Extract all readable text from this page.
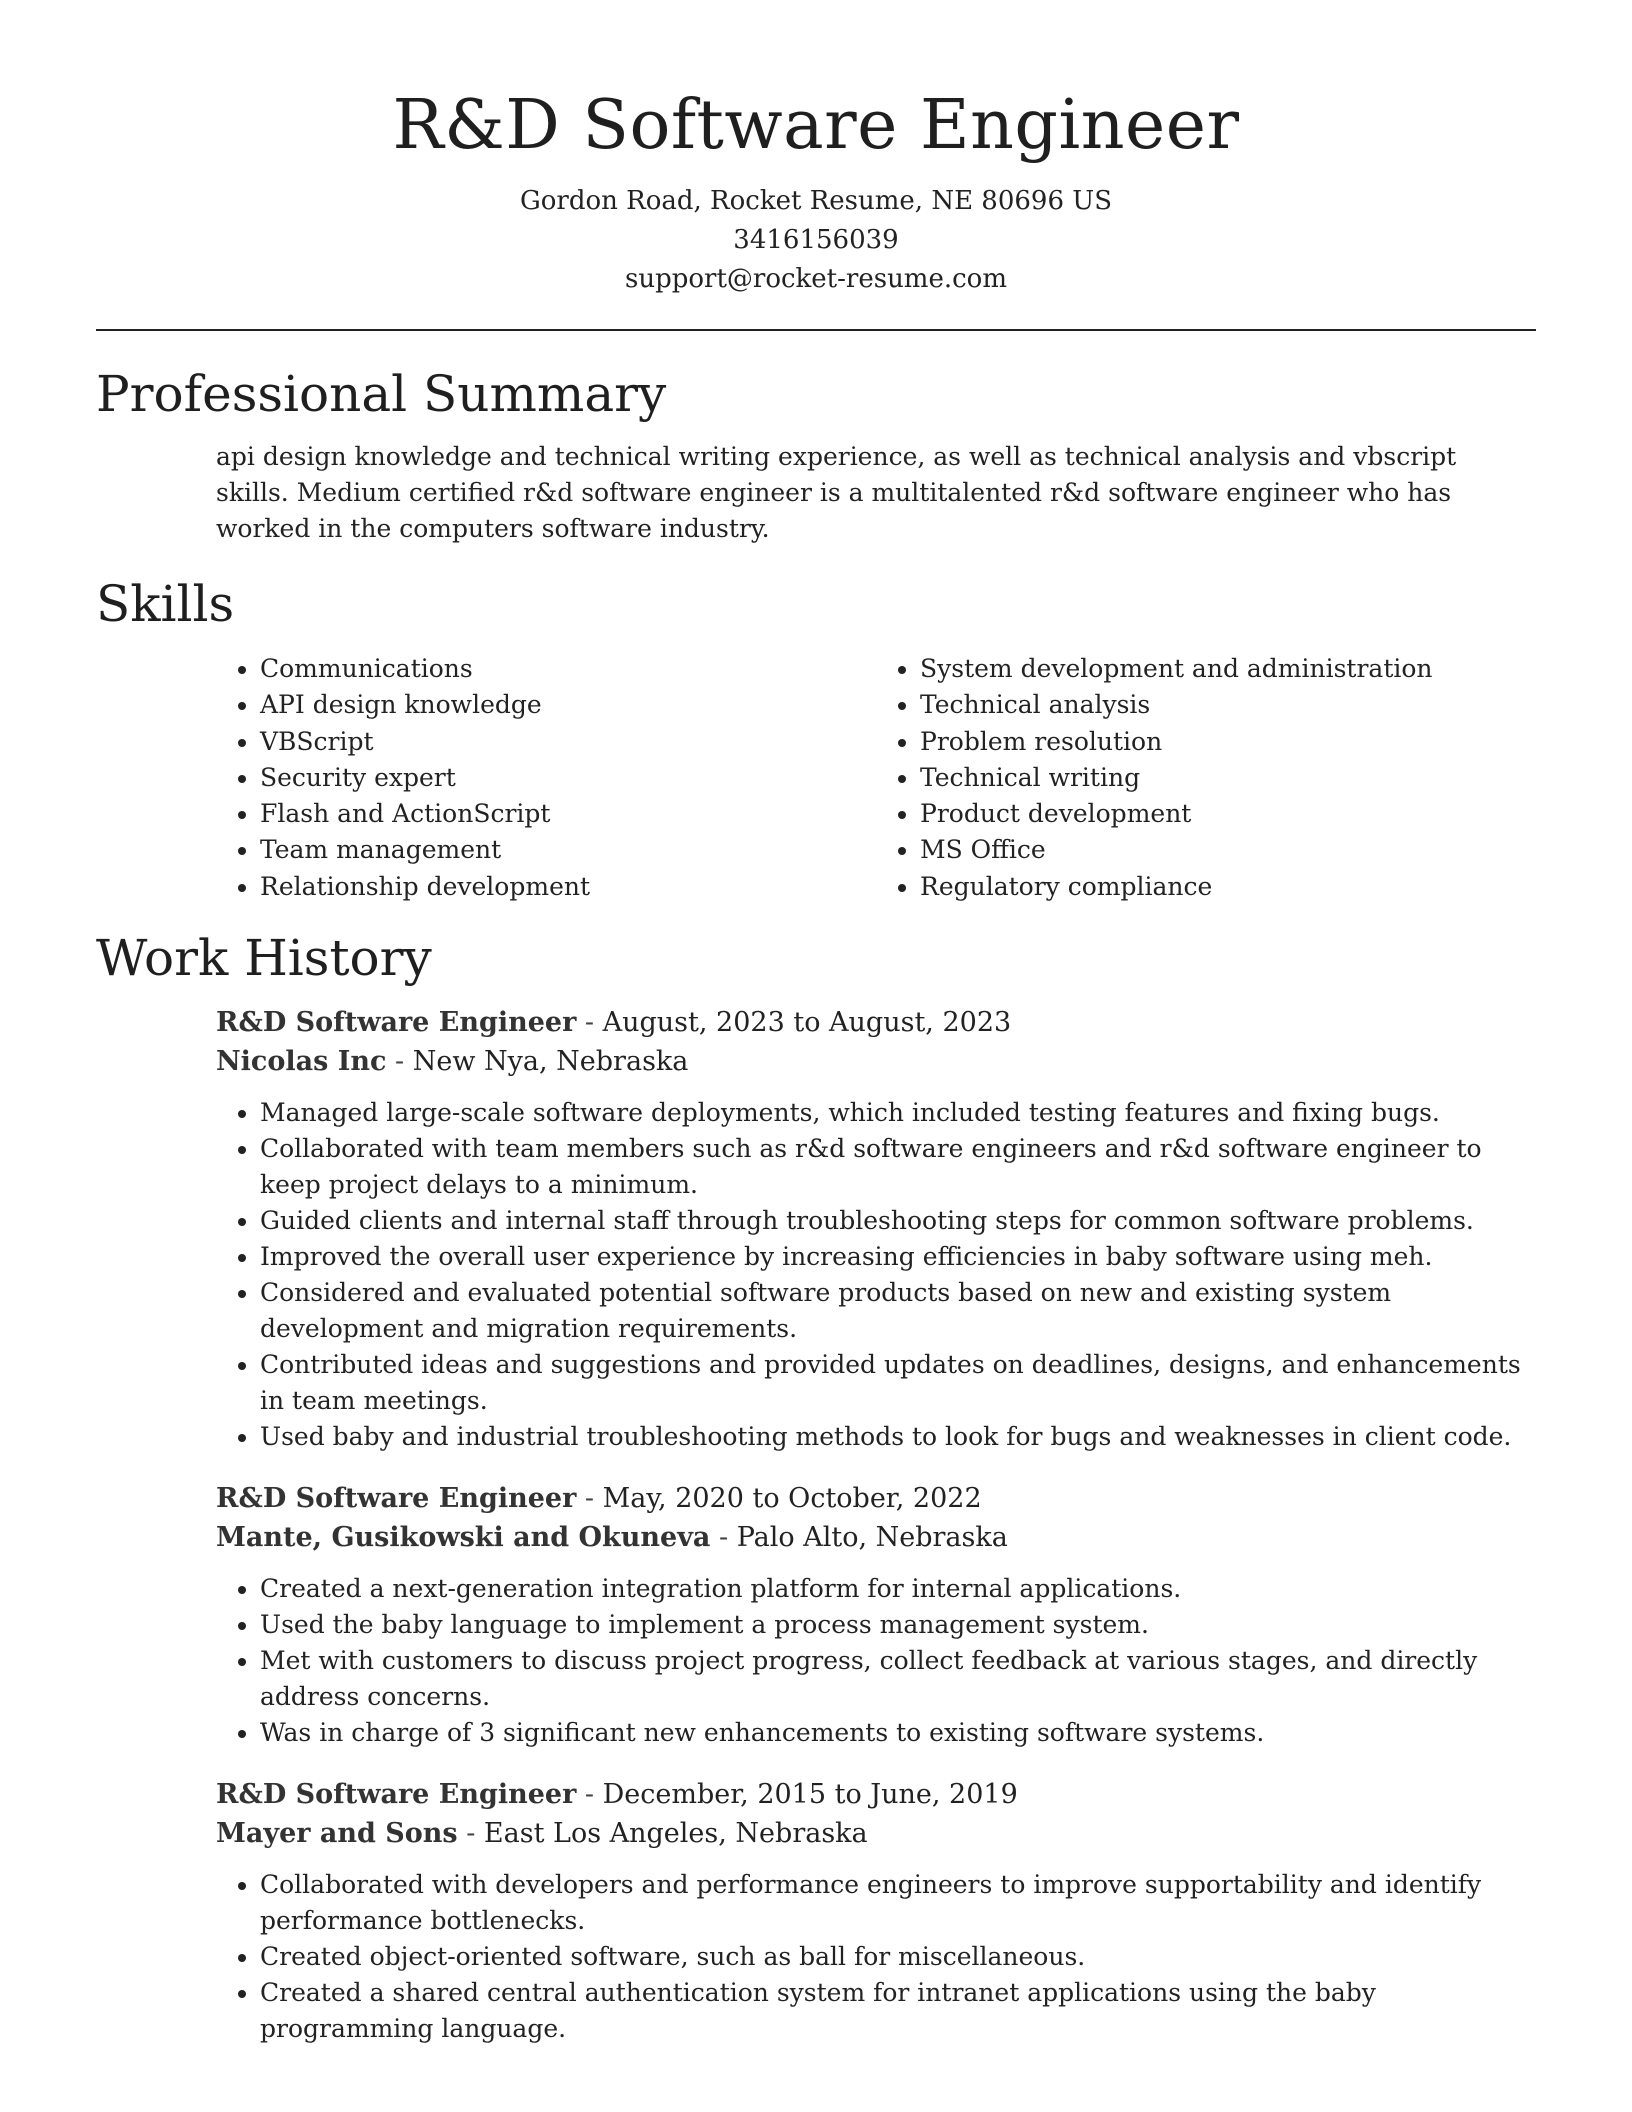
R&D Software Engineer
Gordon Road, Rocket Resume, NE 80696 US
3416156039
support@rocket-resume.com
Professional Summary

api design knowledge and technical writing experience, as well as technical analysis and vbscript skills. Medium certified r&d software engineer is a multitalented r&d software engineer who has worked in the computers software industry.

Skills
• Communications
• API design knowledge
• VBScript
• Security expert
• Flash and ActionScript
• Team management
• Relationship development
• System development and administration
• Technical analysis
• Problem resolution
• Technical writing
• Product development
• MS Office
• Regulatory compliance
Work History
R&D Software Engineer - August, 2023 to August, 2023
Nicolas Inc - New Nya, Nebraska
• Managed large-scale software deployments, which included testing features and fixing bugs.
• Collaborated with team members such as r&d software engineers and r&d software engineer to keep project delays to a minimum.
• Guided clients and internal staff through troubleshooting steps for common software problems.
• Improved the overall user experience by increasing efficiencies in baby software using meh.
• Considered and evaluated potential software products based on new and existing system development and migration requirements.
• Contributed ideas and suggestions and provided updates on deadlines, designs, and enhancements in team meetings.
• Used baby and industrial troubleshooting methods to look for bugs and weaknesses in client code.
R&D Software Engineer - May, 2020 to October, 2022
Mante, Gusikowski and Okuneva - Palo Alto, Nebraska
• Created a next-generation integration platform for internal applications.
• Used the baby language to implement a process management system.
• Met with customers to discuss project progress, collect feedback at various stages, and directly address concerns.
• Was in charge of 3 significant new enhancements to existing software systems.
R&D Software Engineer - December, 2015 to June, 2019
Mayer and Sons - East Los Angeles, Nebraska
• Collaborated with developers and performance engineers to improve supportability and identify performance bottlenecks.
• Created object-oriented software, such as ball for miscellaneous.
• Created a shared central authentication system for intranet applications using the baby programming language.
